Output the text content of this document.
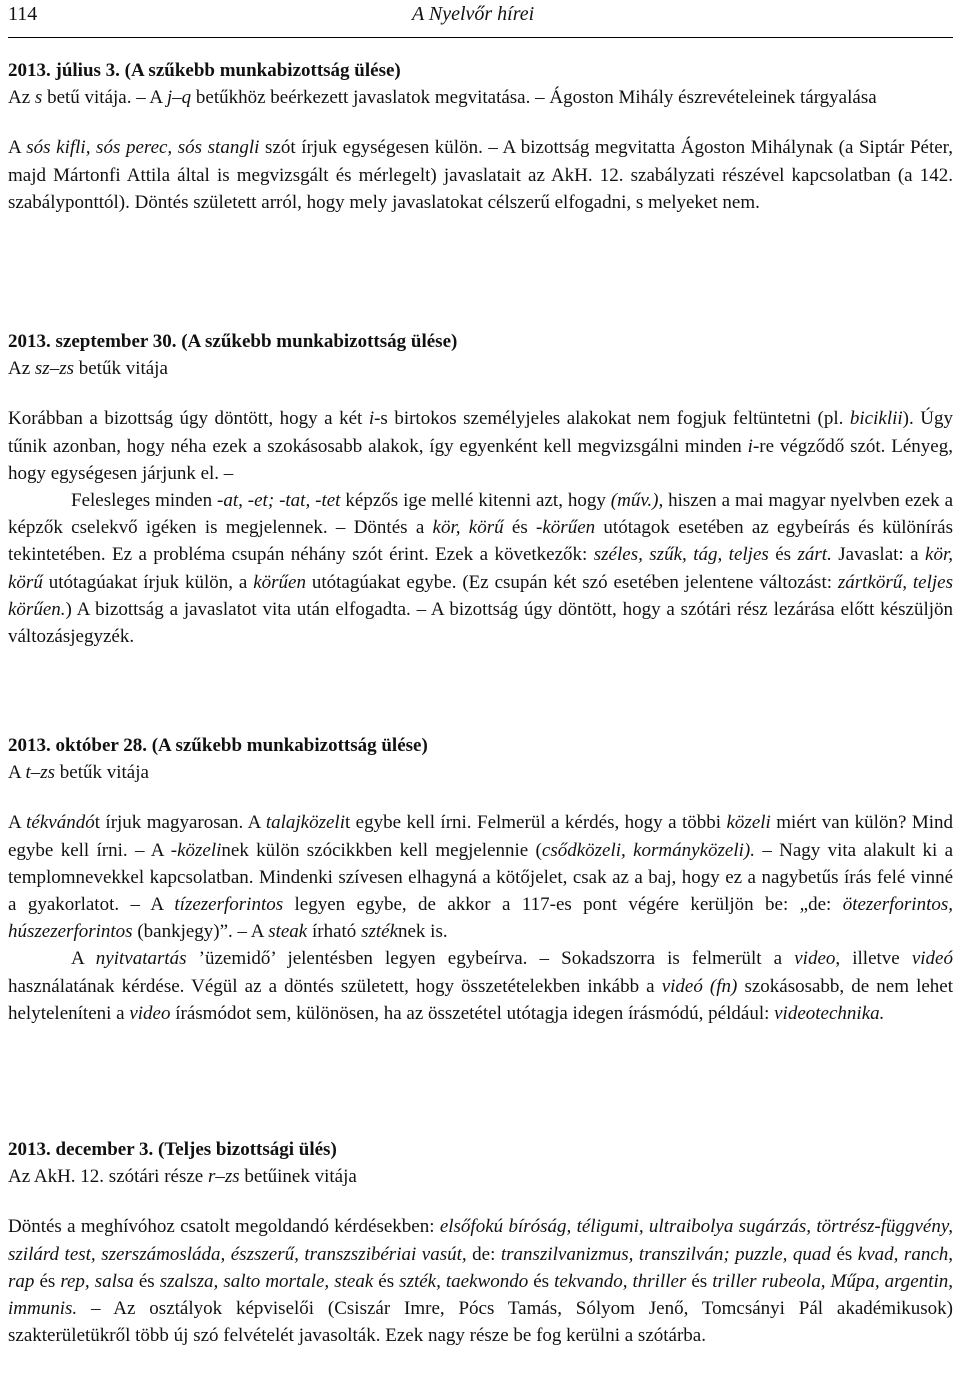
114	A Nyelvőr hírei

2013. július 3. (A szűkebb munkabizottság ülése)

Az s betű vitája. – A j–q betűkhöz beérkezett javaslatok megvitatása. – Ágoston Mihály észrevételeinek tárgyalása

A sós kifli, sós perec, sós stangli szót írjuk egységesen külön. – A bizottság megvitatta Ágoston Mihálynak (a Siptár Péter, majd Mártonfi Attila által is megvizsgált és mérlegelt) javaslatait az AkH. 12. szabályzati részével kapcsolatban (a 142. szabályponttól). Döntés született arról, hogy mely javaslatokat célszerű elfogadni, s melyeket nem.

2013. szeptember 30. (A szűkebb munkabizottság ülése)

Az sz–zs betűk vitája

Korábban a bizottság úgy döntött, hogy a két i-s birtokos személyjeles alakokat nem fogjuk feltüntetni (pl. biciklii). Úgy tűnik azonban, hogy néha ezek a szokásosabb alakok, így egyenként kell megvizsgálni minden i-re végződő szót. Lényeg, hogy egységesen járjunk el. –

Felesleges minden -at, -et; -tat, -tet képzős ige mellé kitenni azt, hogy (műv.), hiszen a mai magyar nyelvben ezek a képzők cselekvő igéken is megjelennek. – Döntés a kör, körű és -körűen utótagok esetében az egybeírás és különírás tekintetében. Ez a probléma csupán néhány szót érint. Ezek a következők: széles, szűk, tág, teljes és zárt. Javaslat: a kör, körű utótagúakat írjuk külön, a körűen utótagúakat egybe. (Ez csupán két szó esetében jelentene változást: zártkörű, teljes körűen.) A bizottság a javaslatot vita után elfogadta. – A bizottság úgy döntött, hogy a szótári rész lezárása előtt készüljön változásjegyzék.

2013. október 28. (A szűkebb munkabizottság ülése)

A t–zs betűk vitája

A tékvándót írjuk magyarosan. A talajközelit egybe kell írni. Felmerül a kérdés, hogy a többi közeli miért van külön? Mind egybe kell írni. – A -közelinek külön szócikkben kell megjelennie (csődközeli, kormányközeli). – Nagy vita alakult ki a templomnevekkel kapcsolatban. Mindenki szívesen elhagyná a kötőjelet, csak az a baj, hogy ez a nagybetűs írás felé vinné a gyakorlatot. – A tízezerforintos legyen egybe, de akkor a 117-es pont végére kerüljön be: „de: ötezerforintos, húszezerforintos (bankjegy)”. – A steak írható sztéknek is.

A nyitvatartás ’üzemidő’ jelentésben legyen egybeírva. – Sokadszorra is felmerült a video, illetve videó használatának kérdése. Végül az a döntés született, hogy összetételekben inkább a videó (fn) szokásosabb, de nem lehet helyteleníteni a video írásmódot sem, különösen, ha az összetétel utótagja idegen írásmódú, például: videotechnika.

2013. december 3. (Teljes bizottsági ülés)

Az AkH. 12. szótári része r–zs betűinek vitája

Döntés a meghívóhoz csatolt megoldandó kérdésekben: elsőfokú bíróság, téligumi, ultraibolya sugárzás, törtrész-függvény, szilárd test, szerszámosláda, észszerű, transzszibériai vasút, de: transzilvanizmus, transzilván; puzzle, quad és kvad, ranch, rap és rep, salsa és szalsza, salto mortale, steak és szték, taekwondo és tekvando, thriller és triller rubeola, Műpa, argentin, immunis. – Az osztályok képviselői (Csiszár Imre, Pócs Tamás, Sólyom Jenő, Tomcsányi Pál akadémikusok) szakterületükről több új szó felvételét javasolták. Ezek nagy része be fog kerülni a szótárba.
